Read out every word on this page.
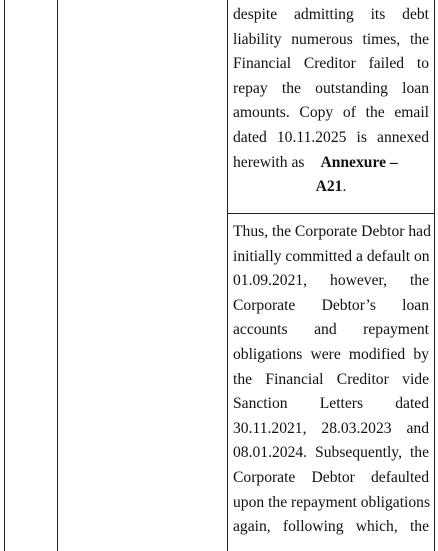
despite admitting its debt
liability numerous times, the
Financial Creditor failed to
repay the outstanding loan
amounts. Copy of the email
dated 10.11.2025 is annexed
herewith as Annexure –
A21.
Thus, the Corporate Debtor had
initially committed a default on
01.09.2021, however, the
Corporate Debtor’s loan
accounts and repayment
obligations were modified by
the Financial Creditor vide
Sanction Letters dated
30.11.2021, 28.03.2023 and
08.01.2024. Subsequently, the
Corporate Debtor defaulted
upon the repayment obligations
again, following which, the
